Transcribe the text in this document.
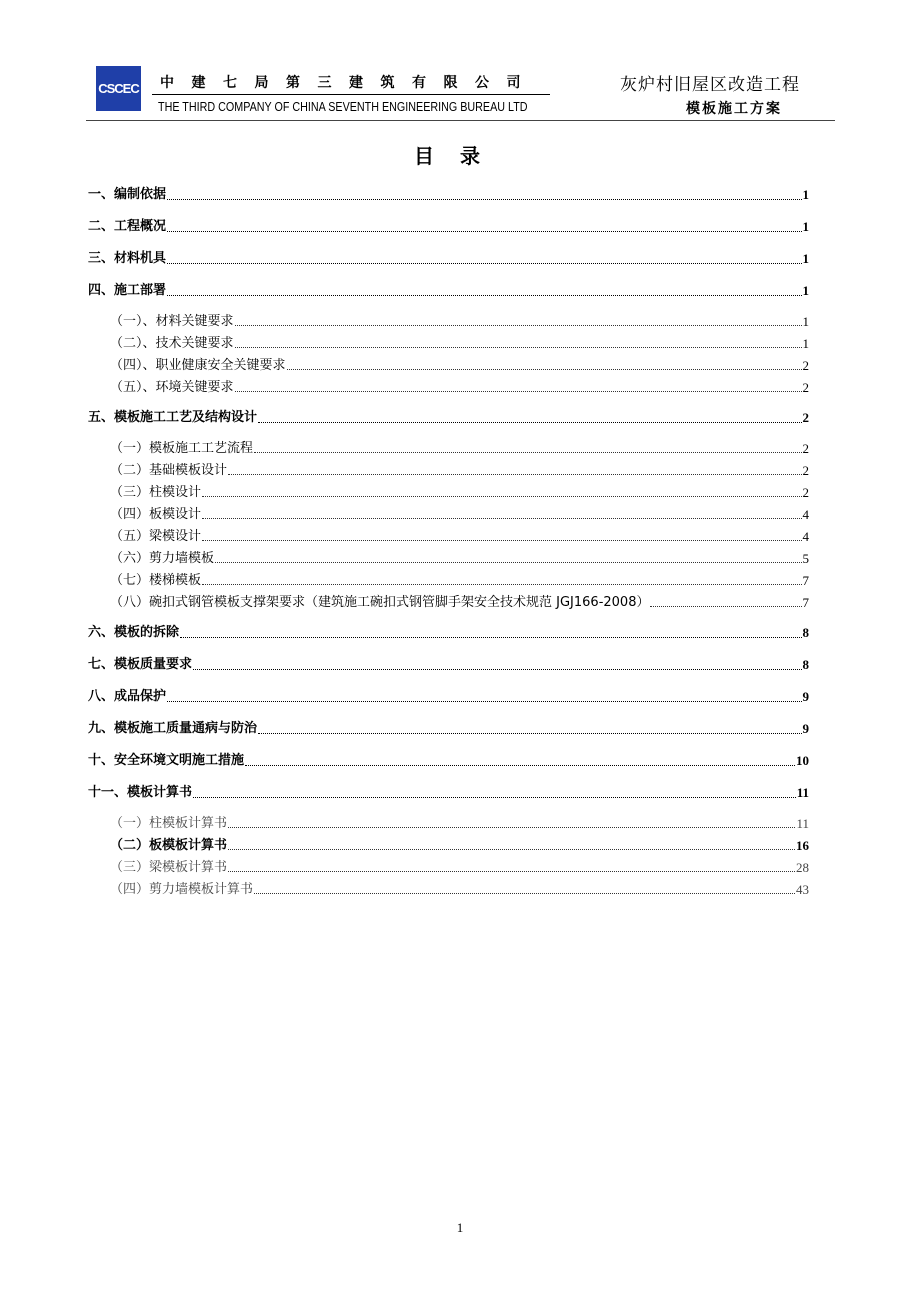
CSCEC 中建七局第三建筑有限公司
THE THIRD COMPANY OF CHINA SEVENTH ENGINEERING BUREAU LTD
灰炉村旧屋区改造工程
模板施工方案
目录
一、编制依据	1
二、工程概况	1
三、材料机具	1
四、施工部署	1
（一）、材料关键要求	1
（二）、技术关键要求	1
（四）、职业健康安全关键要求	2
（五）、环境关键要求	2
五、模板施工工艺及结构设计	2
（一）模板施工工艺流程	2
（二）基础模板设计	2
（三）柱模设计	2
（四）板模设计	4
（五）梁模设计	4
（六）剪力墙模板	5
（七）楼梯模板	7
（八）碗扣式钢管模板支撑架要求（建筑施工碗扣式钢管脚手架安全技术规范 JGJ166-2008）	7
六、模板的拆除	8
七、模板质量要求	8
八、成品保护	9
九、模板施工质量通病与防治	9
十、安全环境文明施工措施	10
十一、模板计算书	11
（一）柱模板计算书	11
（二）板模板计算书	16
（三）梁模板计算书	28
（四）剪力墙模板计算书	43
1
